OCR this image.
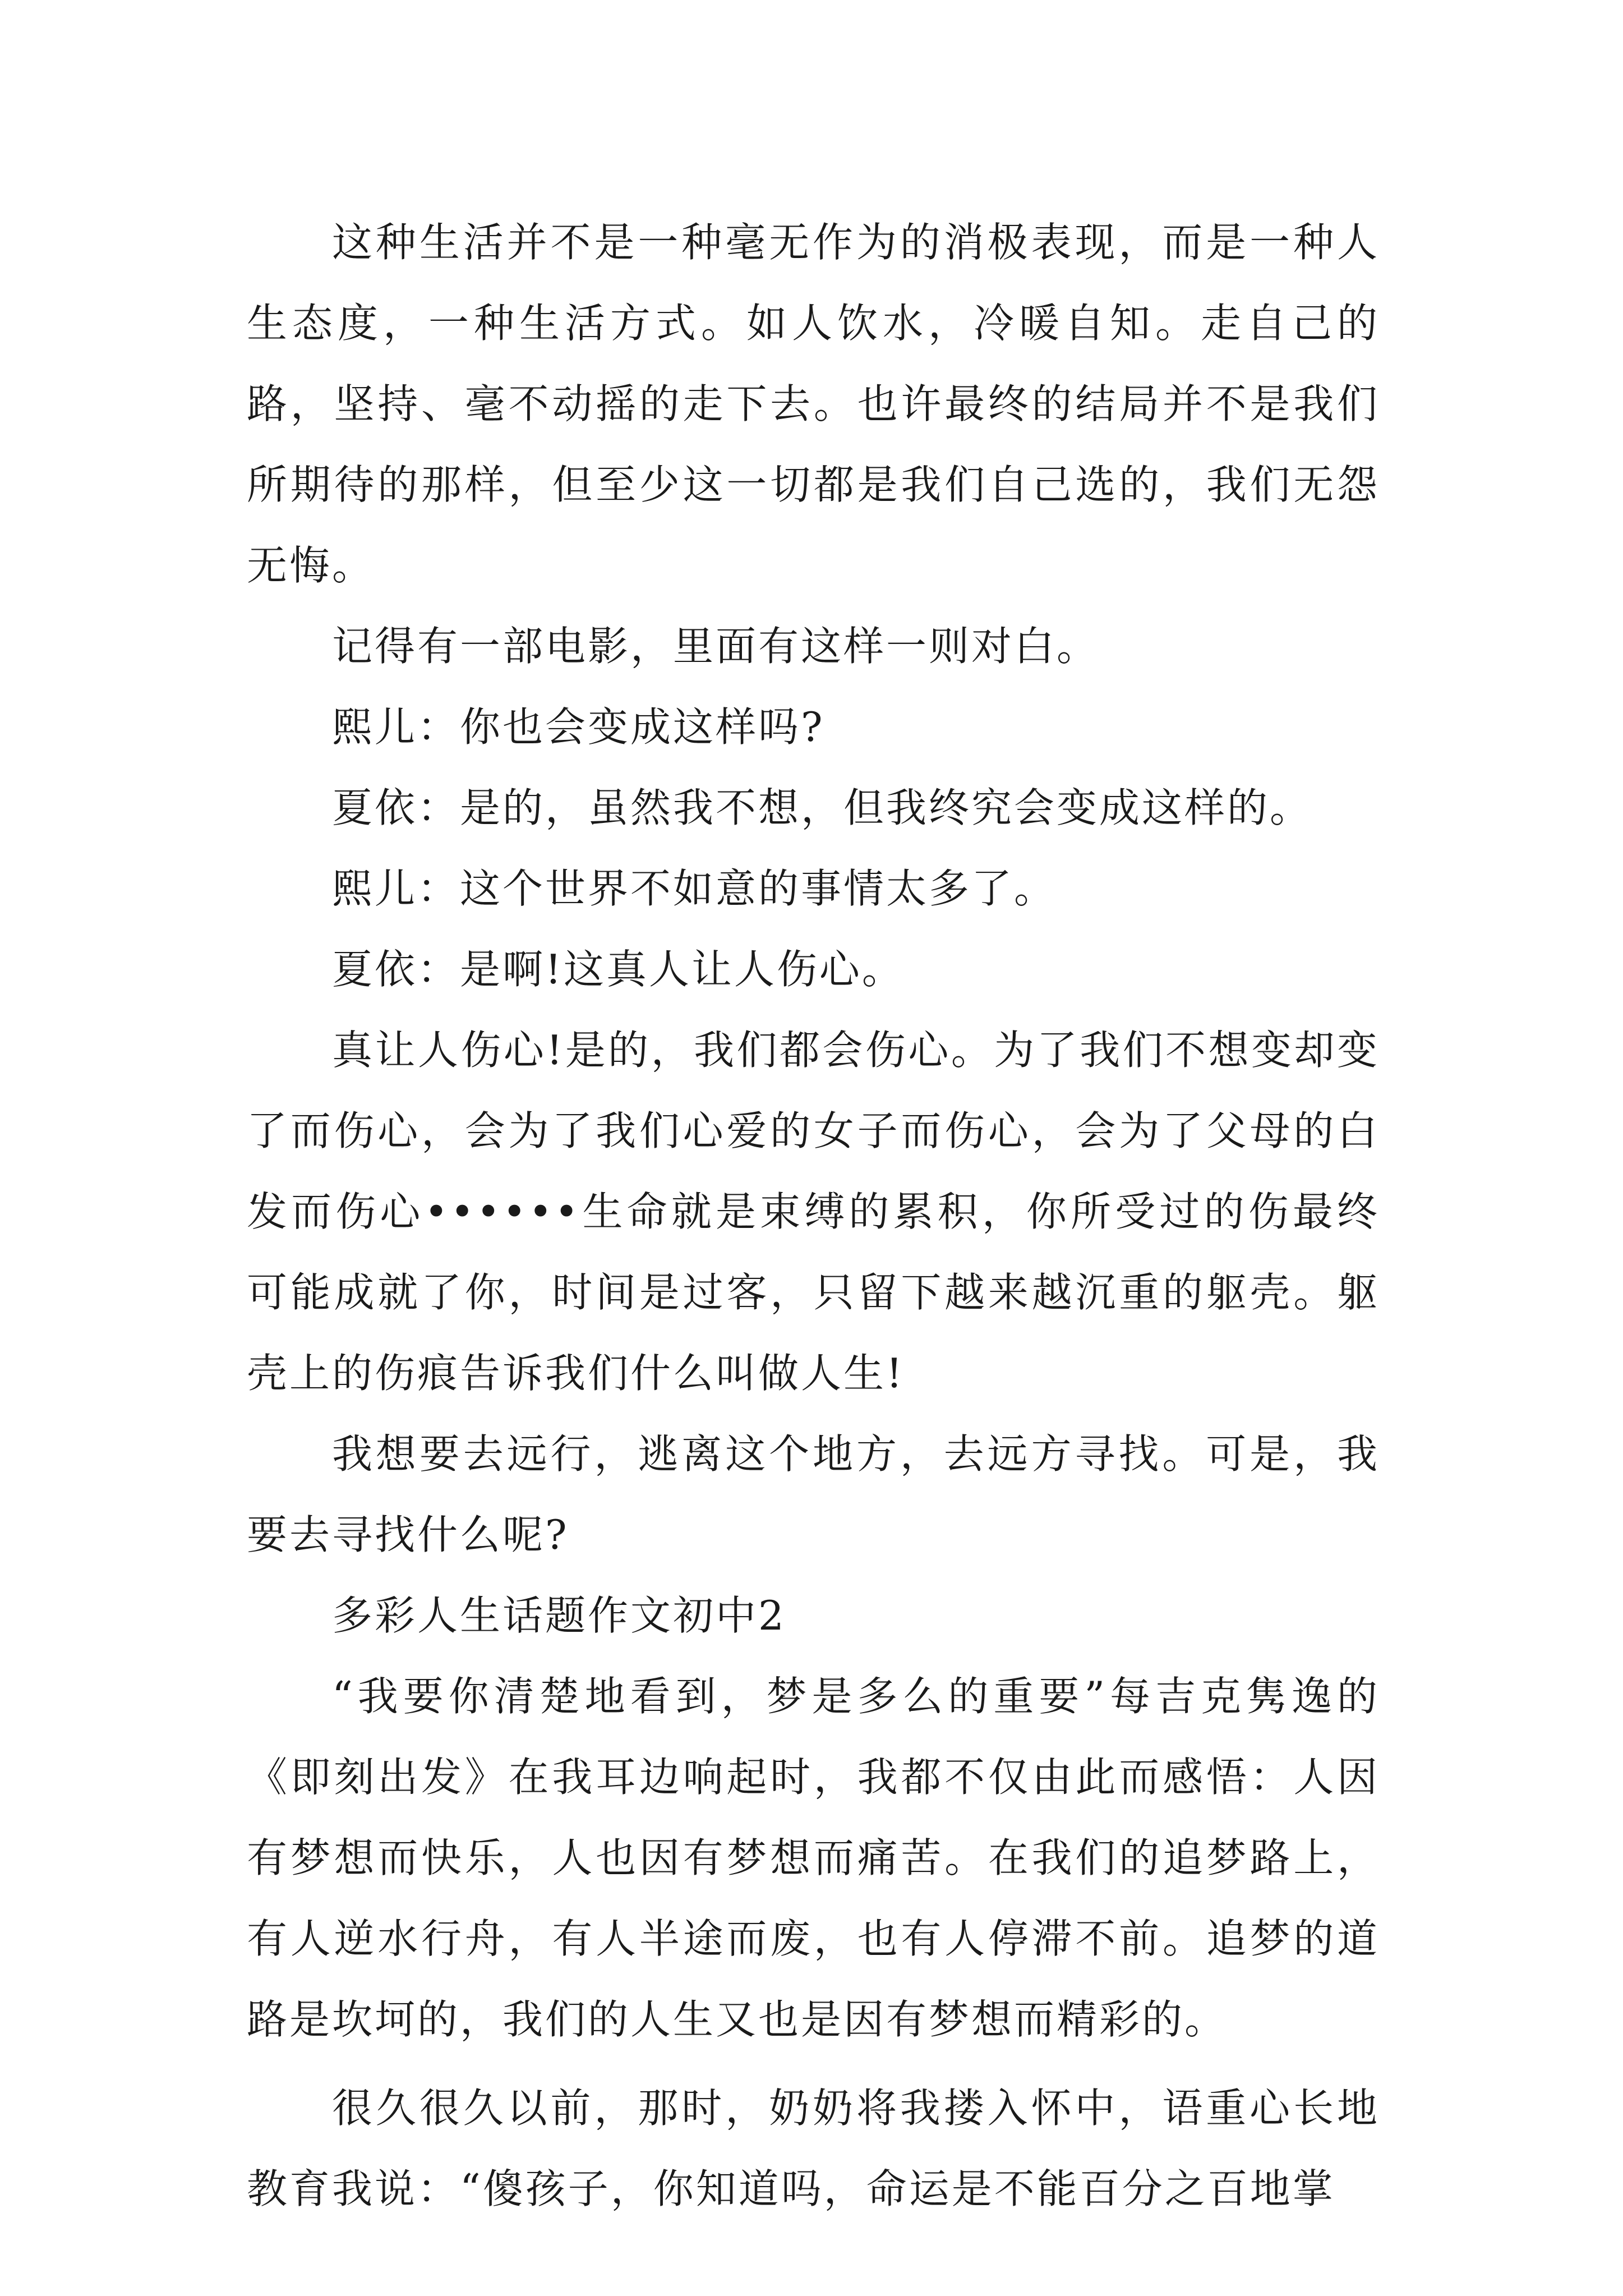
这种生活并不是一种毫无作为的消极表现，而是一种人生态度，一种生活方式。如人饮水，冷暖自知。走自己的路，坚持、毫不动摇的走下去。也许最终的结局并不是我们所期待的那样，但至少这一切都是我们自己选的，我们无怨无悔。

记得有一部电影，里面有这样一则对白。

熙儿：你也会变成这样吗?

夏依：是的，虽然我不想，但我终究会变成这样的。

熙儿：这个世界不如意的事情太多了。

夏依：是啊!这真人让人伤心。

真让人伤心!是的，我们都会伤心。为了我们不想变却变了而伤心，会为了我们心爱的女子而伤心，会为了父母的白发而伤心••••••生命就是束缚的累积，你所受过的伤最终可能成就了你，时间是过客，只留下越来越沉重的躯壳。躯壳上的伤痕告诉我们什么叫做人生!

我想要去远行，逃离这个地方，去远方寻找。可是，我要去寻找什么呢?

多彩人生话题作文初中2

“我要你清楚地看到，梦是多么的重要”每吉克隽逸的《即刻出发》在我耳边响起时，我都不仅由此而感悟：人因有梦想而快乐，人也因有梦想而痛苦。在我们的追梦路上，有人逆水行舟，有人半途而废，也有人停滞不前。追梦的道路是坎坷的，我们的人生又也是因有梦想而精彩的。

很久很久以前，那时，奶奶将我搂入怀中，语重心长地教育我说：“傻孩子，你知道吗，命运是不能百分之百地掌
